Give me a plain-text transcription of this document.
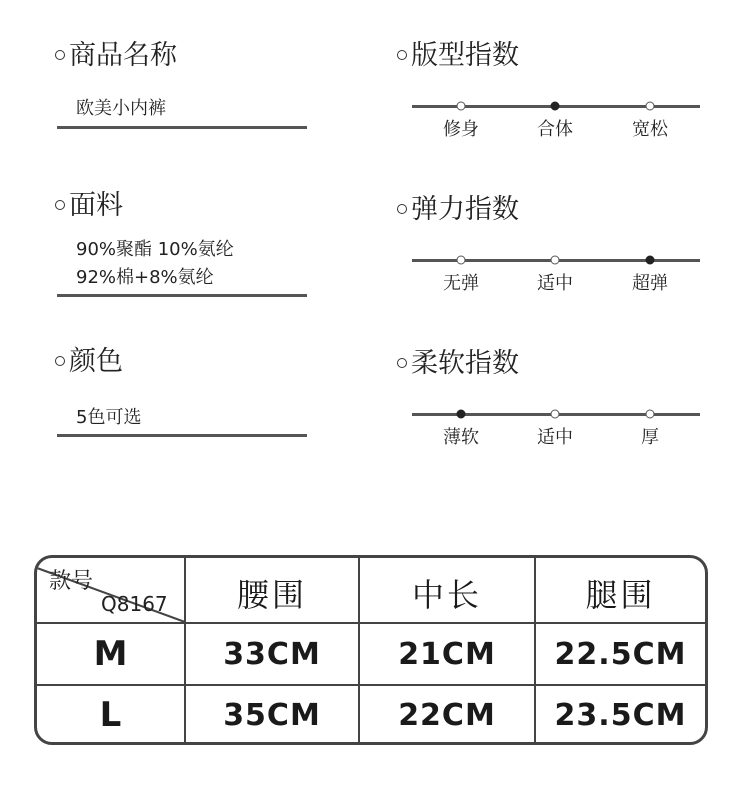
商品名称
欧美小内裤
面料
90%聚酯 10%氨纶
92%棉+8%氨纶
颜色
5色可选
版型指数
修身	合体	宽松
弹力指数
无弹	适中	超弹
柔软指数
薄软	适中	厚
款号
Q8167	腰围	中长	腿围
M	33CM	21CM	22.5CM
L	35CM	22CM	23.5CM
